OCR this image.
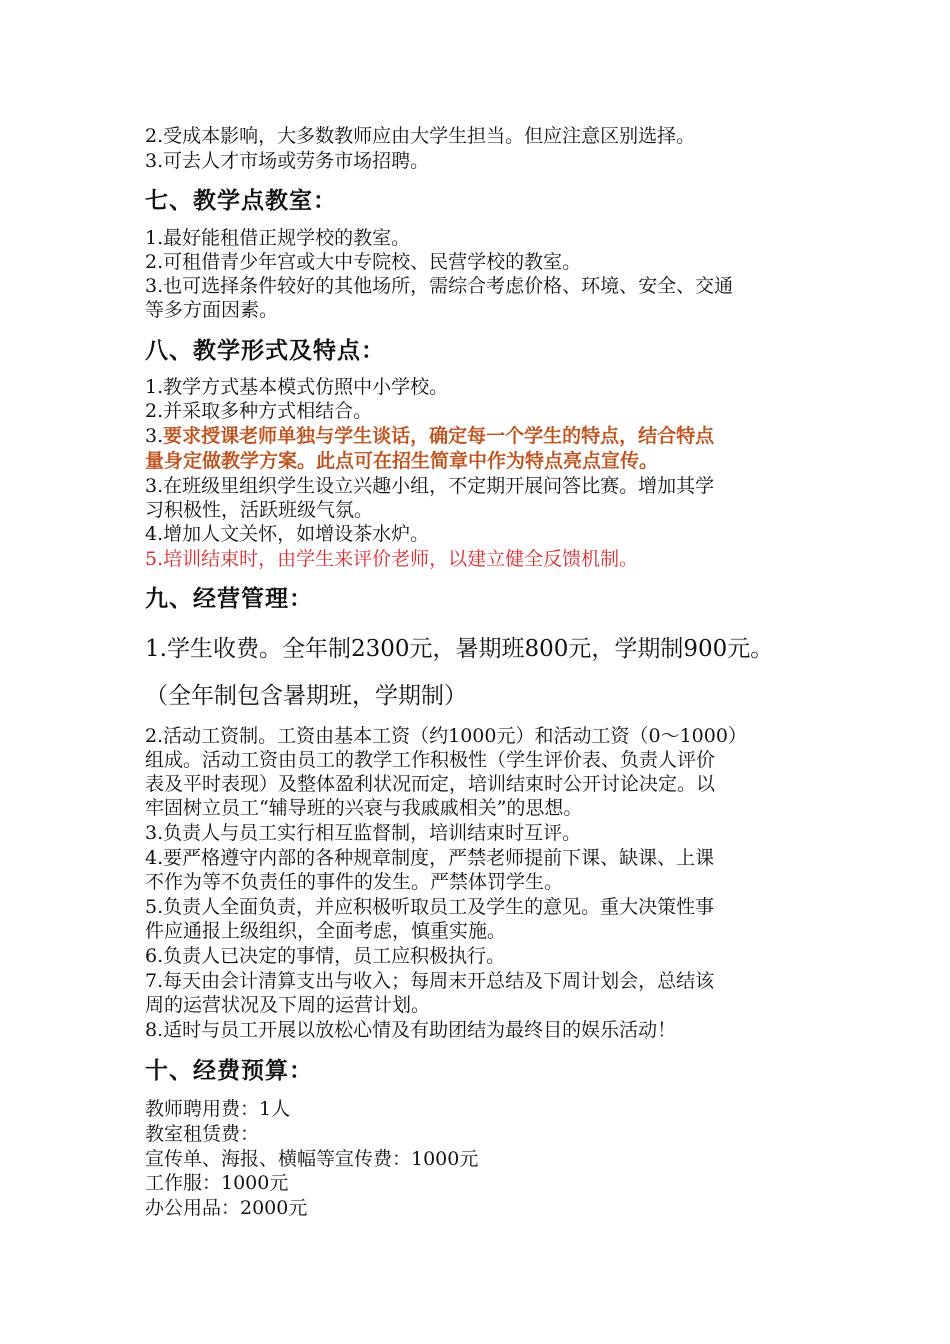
2.受成本影响，大多数教师应由大学生担当。但应注意区别选择。
3.可去人才市场或劳务市场招聘。
七、教学点教室：
1.最好能租借正规学校的教室。
2.可租借青少年宫或大中专院校、民营学校的教室。
3.也可选择条件较好的其他场所，需综合考虑价格、环境、安全、交通
等多方面因素。
八、教学形式及特点：
1.教学方式基本模式仿照中小学校。
2.并采取多种方式相结合。
3.要求授课老师单独与学生谈话，确定每一个学生的特点，结合特点
量身定做教学方案。此点可在招生简章中作为特点亮点宣传。
3.在班级里组织学生设立兴趣小组，不定期开展问答比赛。增加其学
习积极性，活跃班级气氛。
4.增加人文关怀，如增设茶水炉。
5.培训结束时，由学生来评价老师，以建立健全反馈机制。
九、经营管理：
1.学生收费。全年制2300元，暑期班800元，学期制900元。
（全年制包含暑期班，学期制）
2.活动工资制。工资由基本工资（约1000元）和活动工资（0～1000）
组成。活动工资由员工的教学工作积极性（学生评价表、负责人评价
表及平时表现）及整体盈利状况而定，培训结束时公开讨论决定。以
牢固树立员工“辅导班的兴衰与我戚戚相关”的思想。
3.负责人与员工实行相互监督制，培训结束时互评。
4.要严格遵守内部的各种规章制度，严禁老师提前下课、缺课、上课
不作为等不负责任的事件的发生。严禁体罚学生。
5.负责人全面负责，并应积极听取员工及学生的意见。重大决策性事
件应通报上级组织，全面考虑，慎重实施。
6.负责人已决定的事情，员工应积极执行。
7.每天由会计清算支出与收入；每周末开总结及下周计划会，总结该
周的运营状况及下周的运营计划。
8.适时与员工开展以放松心情及有助团结为最终目的娱乐活动！
十、经费预算：
教师聘用费：1人
教室租赁费：
宣传单、海报、横幅等宣传费：1000元
工作服：1000元
办公用品：2000元
